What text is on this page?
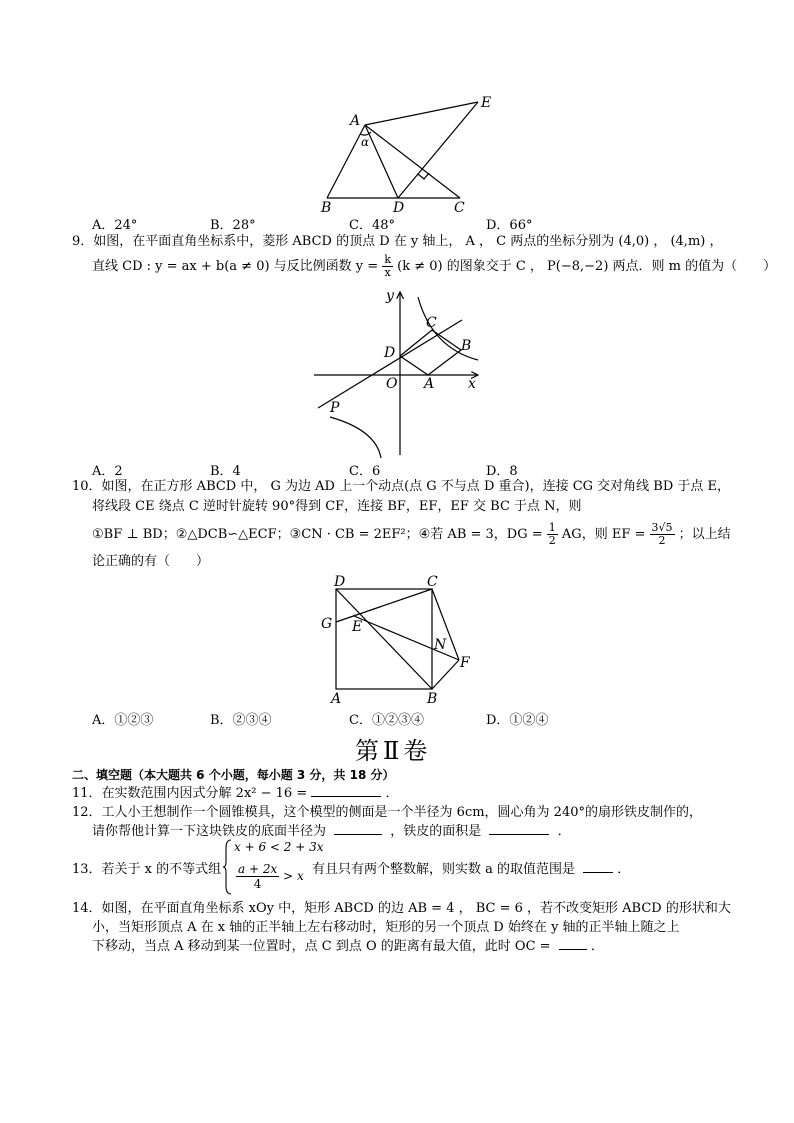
A
E
α
B	D	C
A．24°	B．28°	C．48°	D．66°
9．如图，在平面直角坐标系中，菱形 ABCD 的顶点 D 在 y 轴上， A ， C 两点的坐标分别为 (4,0) ， (4,m) ，
直线 CD : y = ax + b(a ≠ 0) 与反比例函数 $y = \frac{k}{x} (k \ne 0)$ 的图象交于 C ， P(−8,−2) 两点．则 m 的值为（　　）
y
x
C
B
D
O A
P
A．2	B．4	C．6	D．8
10．如图，在正方形 ABCD 中， G 为边 AD 上一个动点(点 G 不与点 D 重合)，连接 CG 交对角线 BD 于点 E，
将线段 CE 绕点 C 逆时针旋转 90°得到 CF，连接 BF，EF，EF 交 BC 于点 N，则
①BF ⊥ BD；②△DCB∽△ECF；③CN · CB = 2EF²；④若 AB = 3，DG = $\frac{1}{2}$ AG，则 EF = $\frac{3√5}{2}$ ；以上结
论正确的有（　　）
D	C
G E
N
F
A	B
A．①②③	B．②③④	C．①②③④	D．①②④
第Ⅱ卷
二、填空题（本大题共 6 个小题，每小题 3 分，共 18 分）
11．在实数范围内因式分解 2x² − 16 =	．
12．工人小王想制作一个圆锥模具，这个模型的侧面是一个半径为 6cm，圆心角为 240°的扇形铁皮制作的，
请你帮他计算一下这块铁皮的底面半径为	，铁皮的面积是	．
13．若关于 x 的不等式组
x + 6 < 2 + 3x
$\frac{a + 2x}{4} > x$ 有且只有两个整数解，则实数 a 的取值范围是	．
14．如图，在平面直角坐标系 xOy 中，矩形 ABCD 的边 AB = 4 ， BC = 6 ，若不改变矩形 ABCD 的形状和大
小，当矩形顶点 A 在 x 轴的正半轴上左右移动时，矩形的另一个顶点 D 始终在 y 轴的正半轴上随之上
下移动，当点 A 移动到某一位置时，点 C 到点 O 的距离有最大值，此时 OC =	．
